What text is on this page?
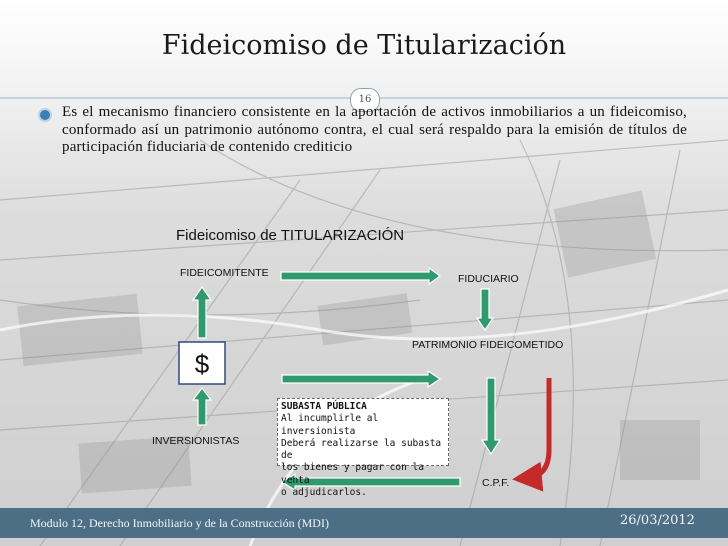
Fideicomiso de Titularización
16
Es el mecanismo financiero consistente en la aportación de activos inmobiliarios a un fideicomiso, conformado así un patrimonio autónomo contra, el cual será respaldo para la emisión de títulos de participación fiduciaria de contenido crediticio
Fideicomiso de TITULARIZACIÓN
FIDEICOMITENTE	FIDUCIARIO
PATRIMONIO FIDEICOMETIDO
INVERSIONISTAS
C.P.F.
$
SUBASTA PÚBLICA
Al incumplirle al inversionista
Deberá realizarse la subasta de
los bienes y pagar con la venta
o adjudicarlos.
Modulo 12, Derecho Inmobiliario y de la Construcción (MDI)	26/03/2012
